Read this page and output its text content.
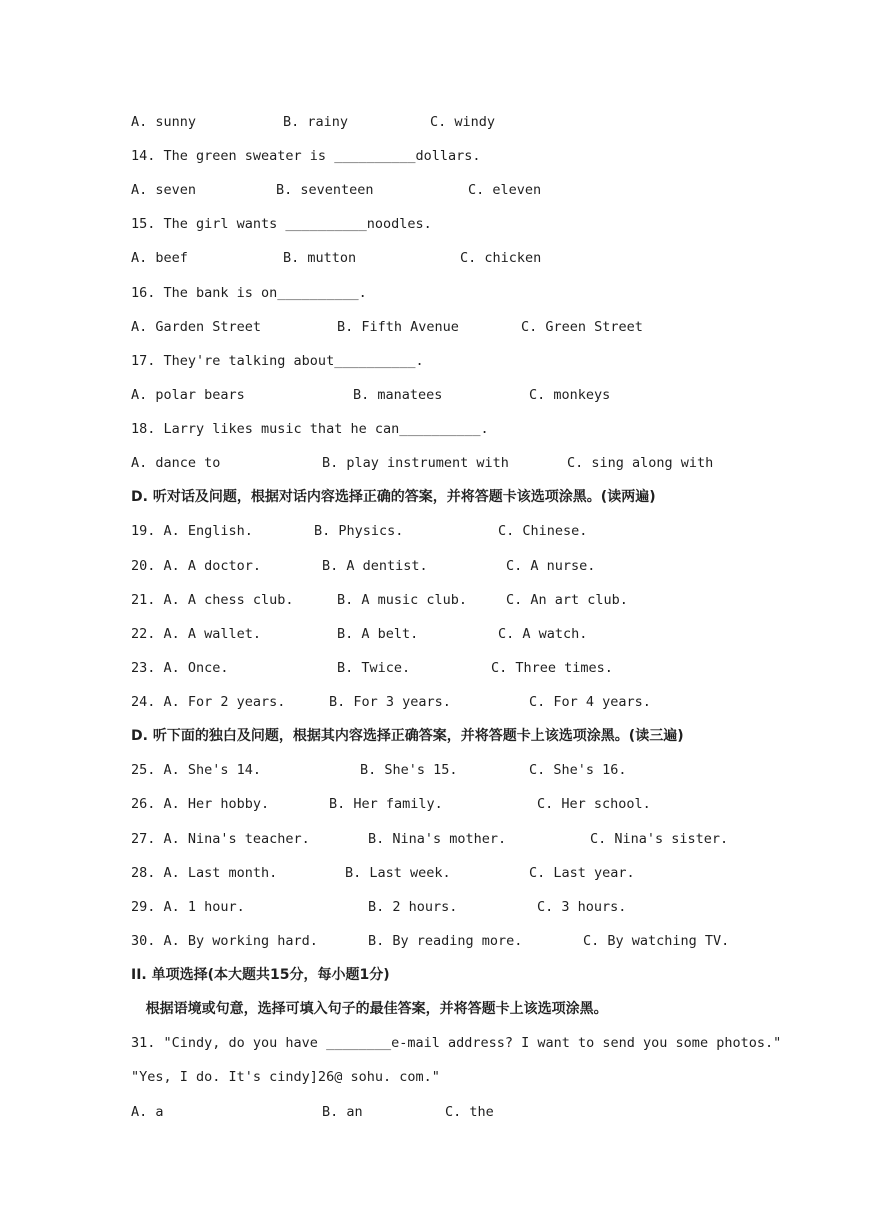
A. sunny	B. rainy	C. windy
14. The green sweater is __________dollars.
A. seven	B. seventeen	C. eleven
15. The girl wants __________noodles.
A. beef	B. mutton	C. chicken
16. The bank is on__________.
A. Garden Street	B. Fifth Avenue	C. Green Street
17. They're talking about__________.
A. polar bears	B. manatees	C. monkeys
18. Larry likes music that he can__________.
A. dance to	B. play instrument with	C. sing along with
D. 听对话及问题，根据对话内容选择正确的答案，并将答题卡该选项涂黑。(读两遍)
19. A. English.	B. Physics.	C. Chinese.
20. A. A doctor.	B. A dentist.	C. A nurse.
21. A. A chess club.	B. A music club.	C. An art club.
22. A. A wallet.	B. A belt.	C. A watch.
23. A. Once.	B. Twice.	C. Three times.
24. A. For 2 years.	B. For 3 years.	C. For 4 years.
D. 听下面的独白及问题，根据其内容选择正确答案，并将答题卡上该选项涂黑。(读三遍)
25. A. She's 14.	B. She's 15.	C. She's 16.
26. A. Her hobby.	B. Her family.	C. Her school.
27. A. Nina's teacher.	B. Nina's mother.	C. Nina's sister.
28. A. Last month.	B. Last week.	C. Last year.
29. A. 1 hour.	B. 2 hours.	C. 3 hours.
30. A. By working hard.	B. By reading more.	C. By watching TV.
II. 单项选择(本大题共15分，每小题1分)
根据语境或句意，选择可填入句子的最佳答案，并将答题卡上该选项涂黑。
31. "Cindy, do you have ________e-mail address? I want to send you some photos."
"Yes, I do. It's cindy]26@ sohu. com."
A. a	B. an	C. the
